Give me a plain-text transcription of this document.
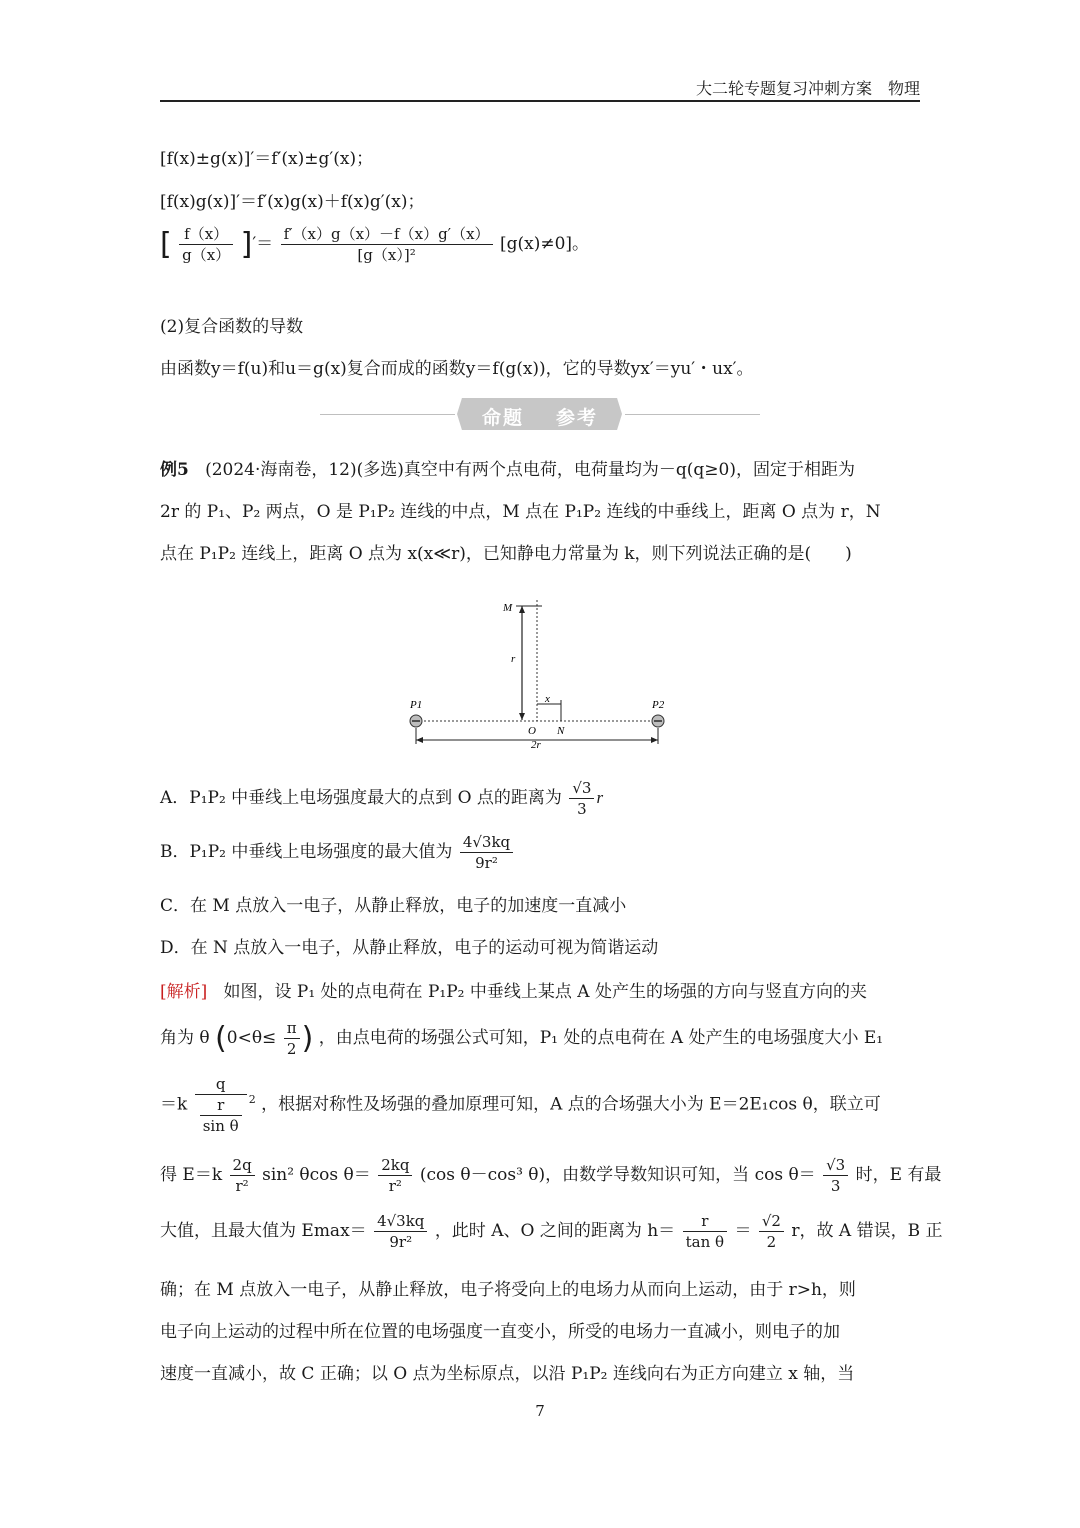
大二轮专题复习冲刺方案　物理
[f(x)±g(x)]′＝f′(x)±g′(x)；
[f(x)g(x)]′＝f′(x)g(x)＋f(x)g′(x)；
[ $\frac{f(x)}{g(x)}$ ]′＝ $\frac{f'(x)g(x)-f(x)g'(x)}{\text{[g（x）]²}} [g(x)\ne 0]$。
(2)复合函数的导数
由函数y＝f(u)和u＝g(x)复合而成的函数y＝f(g(x))，它的导数yx′＝yu′・ux′。
命题 参考
例5 (2024·海南卷，12)(多选)真空中有两个点电荷，电荷量均为－q(q≥0)，固定于相距为
2r 的 P₁、P₂ 两点，O 是 P₁P₂ 连线的中点，M 点在 P₁P₂ 连线的中垂线上，距离 O 点为 r，N
点在 P₁P₂ 连线上，距离 O 点为 x(x≪r)，已知静电力常量为 k，则下列说法正确的是(　　)
M
r
x
P1	P2
O N
2r
A．P₁P₂ 中垂线上电场强度最大的点到 O 点的距离为 $\frac{√3}{3}$ r
B．P₁P₂ 中垂线上电场强度的最大值为 $\frac{4√3kq}{\text{9r²}}$
C．在 M 点放入一电子，从静止释放，电子的加速度一直减小
D．在 N 点放入一电子，从静止释放，电子的运动可视为简谐运动
[解析] 如图，设 P₁ 处的点电荷在 P₁P₂ 中垂线上某点 A 处产生的场强的方向与竖直方向的夹
角为 θ ($0<\theta\le \frac{\pi}{2}$ ) ，由点电荷的场强公式可知，P₁ 处的点电荷在 A 处产生的电场强度大小 E₁
$=k \frac{q}{\frac{r}{\text{sin θ}}} ^2$ ，根据对称性及场强的叠加原理可知，A 点的合场强大小为 E＝2E₁cos θ，联立可
得 $E=k \frac{2q}{\text{r²}} \sin^2$ θcos $\theta= \frac{2kq}{\text{r²}} (\cos$ θ－cos³ θ)，由数学导数知识可知，当 $\cos \theta= \frac{√3}{3}$ 时，E 有最
大值，且最大值为 $Emax= \frac{4√3kq}{\text{9r²}}$ ，此时 A、O 之间的距离为 $h= \frac{r}{\text{tan θ}} = \frac{√2}{2}$ r，故 A 错误，B 正
确；在 M 点放入一电子，从静止释放，电子将受向上的电场力从而向上运动，由于 r>h，则
电子向上运动的过程中所在位置的电场强度一直变小，所受的电场力一直减小，则电子的加
速度一直减小，故 C 正确；以 O 点为坐标原点，以沿 P₁P₂ 连线向右为正方向建立 x 轴，当
7
